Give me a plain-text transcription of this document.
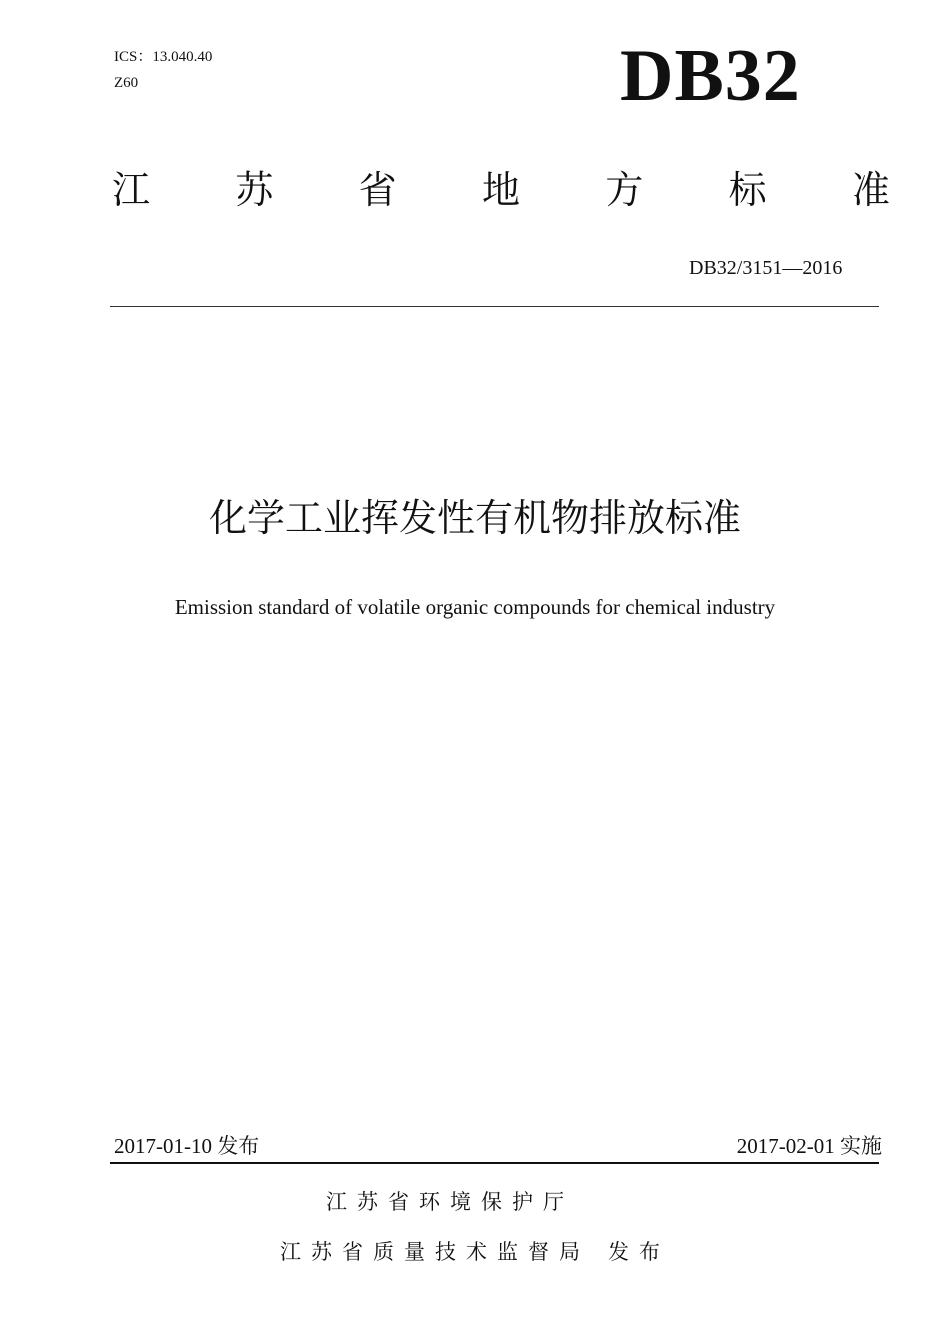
ICS：13.040.40
Z60	DB32
江 苏 省 地 方 标 准
DB32/3151—2016
化学工业挥发性有机物排放标准
Emission standard of volatile organic compounds for chemical industry
2017-01-10 发布	2017-02-01 实施
江苏省环境保护厅
江苏省质量技术监督局 发布
